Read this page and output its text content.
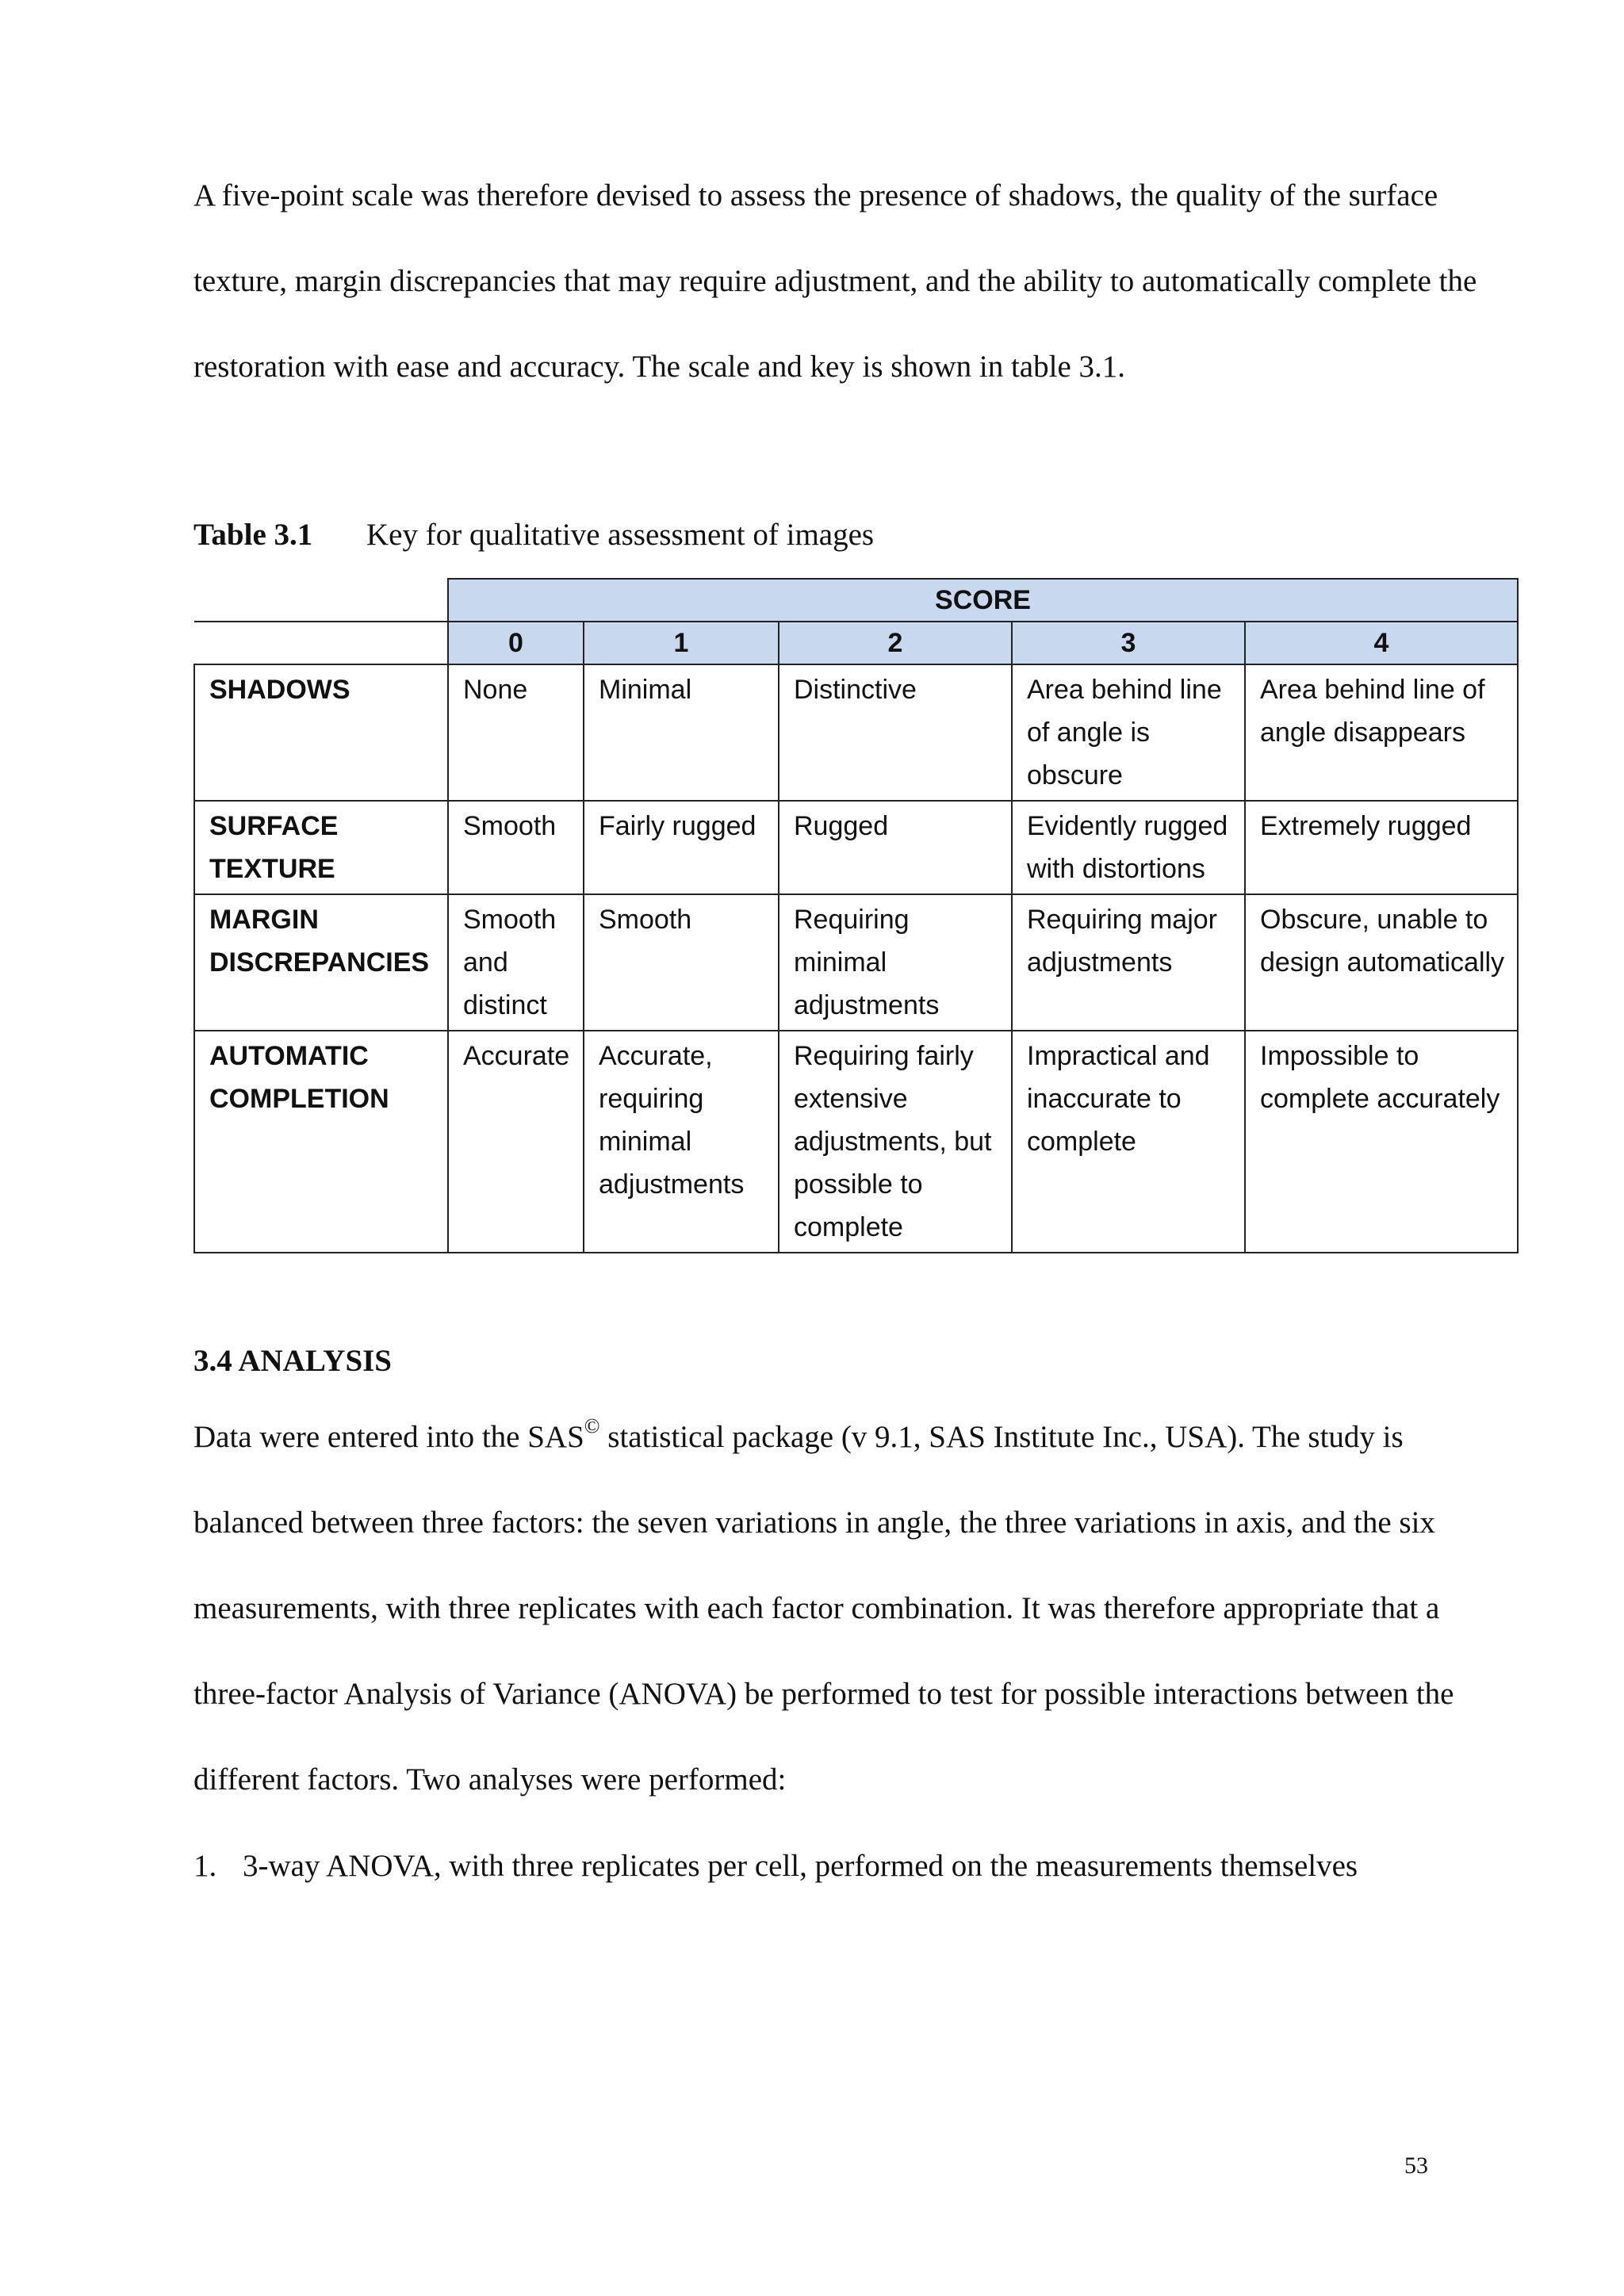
A five-point scale was therefore devised to assess the presence of shadows, the quality of the surface texture, margin discrepancies that may require adjustment, and the ability to automatically complete the restoration with ease and accuracy. The scale and key is shown in table 3.1.

Table 3.1 Key for qualitative assessment of images
	SCORE				
	0	1	2	3	4
SHADOWS	None	Minimal	Distinctive	Area behind line of angle is obscure	Area behind line of angle disappears
SURFACE TEXTURE	Smooth	Fairly rugged	Rugged	Evidently rugged with distortions	Extremely rugged
MARGIN DISCREPANCIES	Smooth and distinct	Smooth	Requiring minimal adjustments	Requiring major adjustments	Obscure, unable to design automatically
AUTOMATIC COMPLETION	Accurate	Accurate, requiring minimal adjustments	Requiring fairly extensive adjustments, but possible to complete	Impractical and inaccurate to complete	Impossible to complete accurately
3.4 ANALYSIS

Data were entered into the SAS© statistical package (v 9.1, SAS Institute Inc., USA). The study is balanced between three factors: the seven variations in angle, the three variations in axis, and the six measurements, with three replicates with each factor combination. It was therefore appropriate that a three-factor Analysis of Variance (ANOVA) be performed to test for possible interactions between the different factors. Two analyses were performed:

1. 3-way ANOVA, with three replicates per cell, performed on the measurements themselves
53
